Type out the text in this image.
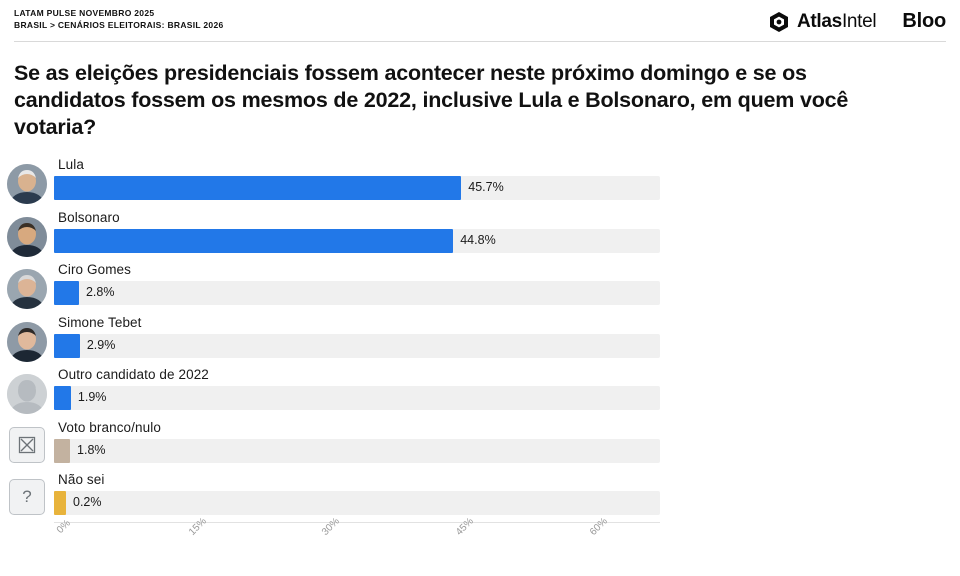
LATAM PULSE NOVEMBRO 2025
BRASIL > CENÁRIOS ELEITORAIS: BRASIL 2026	AtlasIntel Bloo
Se as eleições presidenciais fossem acontecer neste próximo domingo e se os candidatos fossem os mesmos de 2022, inclusive Lula e Bolsonaro, em quem você votaria?
Lula
45.7%
Bolsonaro
44.8%
Ciro Gomes
2.8%
Simone Tebet
2.9%
Outro candidato de 2022
1.9%
Voto branco/nulo
1.8%
?
Não sei
0.2%
0%	15%	30%	45%	60%
